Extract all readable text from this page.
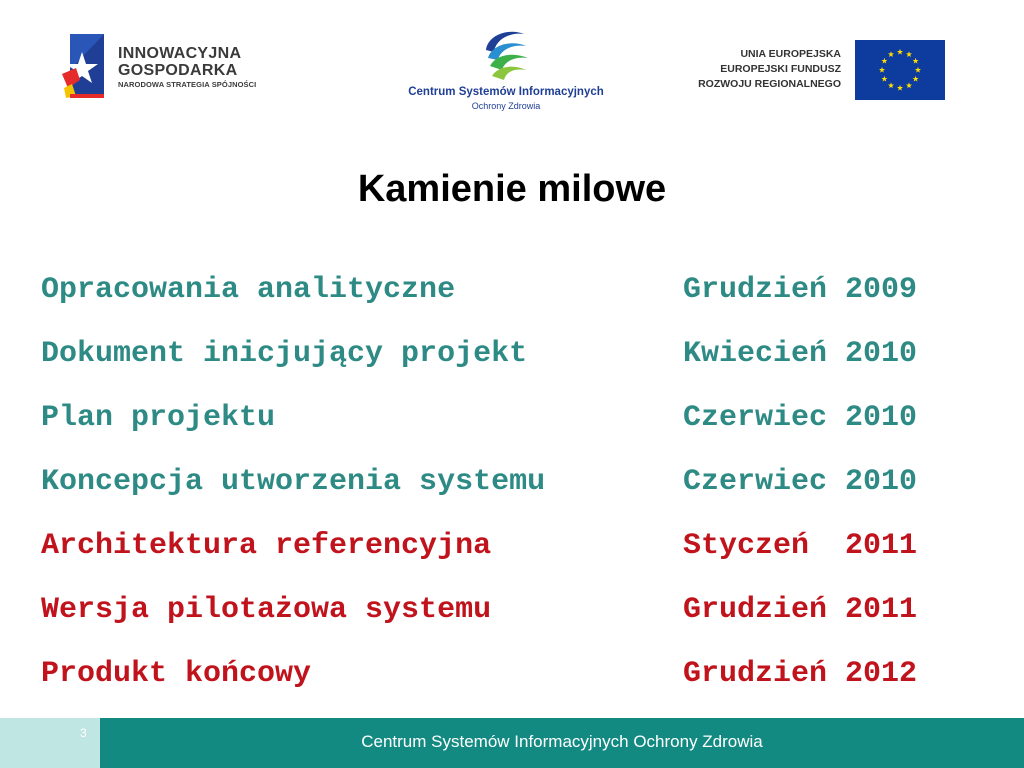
INNOWACYJNA
GOSPODARKA
NARODOWA STRATEGIA SPÓJNOŚCI
Centrum Systemów Informacyjnych
Ochrony Zdrowia
UNIA EUROPEJSKA
EUROPEJSKI FUNDUSZ
ROZWOJU REGIONALNEGO
Kamienie milowe
Opracowania analityczne	Grudzień 2009
Dokument inicjujący projekt	Kwiecień 2010
Plan projektu	Czerwiec 2010
Koncepcja utworzenia systemu	Czerwiec 2010
Architektura referencyjna	Styczeń  2011
Wersja pilotażowa systemu	Grudzień 2011
Produkt końcowy	Grudzień 2012
3	Centrum Systemów Informacyjnych Ochrony Zdrowia
